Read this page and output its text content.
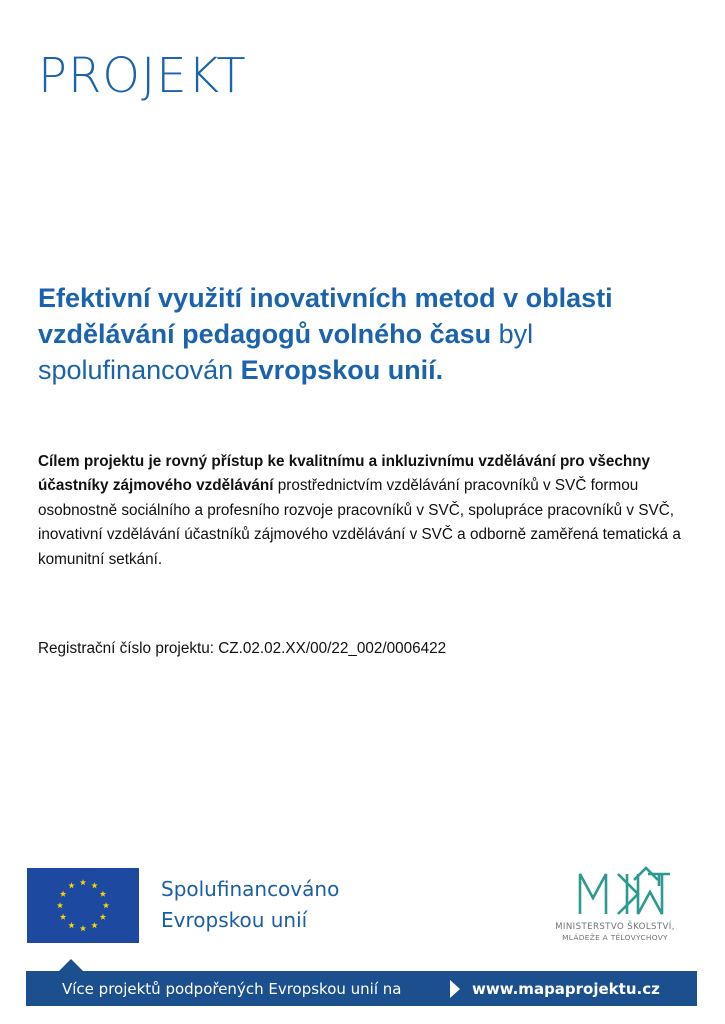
PROJEKT

Efektivní využití inovativních metod v oblasti vzdělávání pedagogů volného času byl spolufinancován Evropskou unií.

Cílem projektu je rovný přístup ke kvalitnímu a inkluzivnímu vzdělávání pro všechny účastníky zájmového vzdělávání prostřednictvím vzdělávání pracovníků v SVČ formou osobnostně sociálního a profesního rozvoje pracovníků v SVČ, spolupráce pracovníků v SVČ, inovativní vzdělávání účastníků zájmového vzdělávání v SVČ a odborně zaměřená tematická a komunitní setkání.

Registrační číslo projektu: CZ.02.02.XX/00/22_002/0006422

Spolufinancováno
Evropskou unií	MINISTERSTVO ŠKOLSTVÍ,
MLÁDEŽE A TĚLOVÝCHOVY
Více projektů podpořených Evropskou unií na	www.mapaprojektu.cz
